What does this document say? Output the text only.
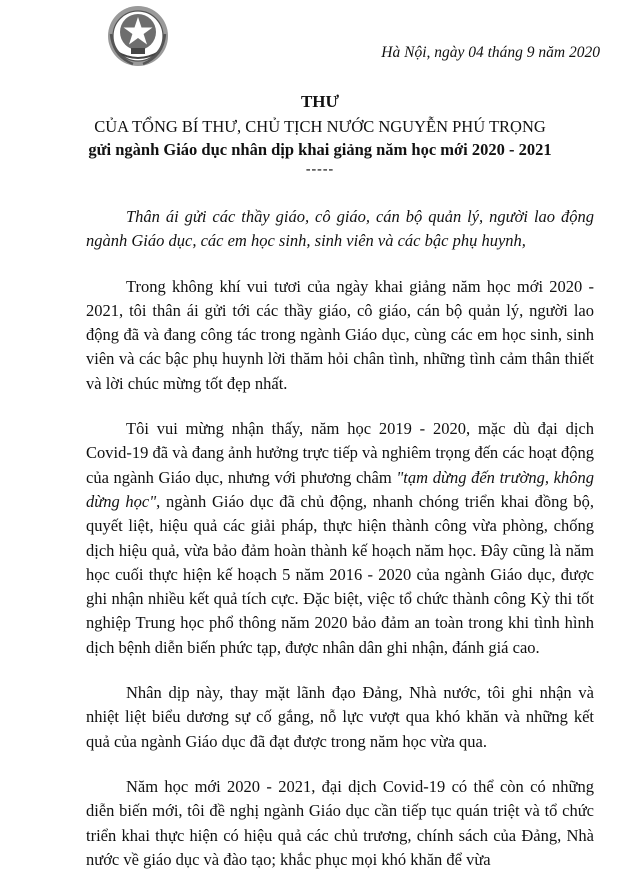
Hà Nội, ngày 04 tháng 9 năm 2020
THƯ
CỦA TỔNG BÍ THƯ, CHỦ TỊCH NƯỚC NGUYỄN PHÚ TRỌNG
gửi ngành Giáo dục nhân dịp khai giảng năm học mới 2020 - 2021
-----

Thân ái gửi các thầy giáo, cô giáo, cán bộ quản lý, người lao động ngành Giáo dục, các em học sinh, sinh viên và các bậc phụ huynh,

Trong không khí vui tươi của ngày khai giảng năm học mới 2020 - 2021, tôi thân ái gửi tới các thầy giáo, cô giáo, cán bộ quản lý, người lao động đã và đang công tác trong ngành Giáo dục, cùng các em học sinh, sinh viên và các bậc phụ huynh lời thăm hỏi chân tình, những tình cảm thân thiết và lời chúc mừng tốt đẹp nhất.

Tôi vui mừng nhận thấy, năm học 2019 - 2020, mặc dù đại dịch Covid-19 đã và đang ảnh hưởng trực tiếp và nghiêm trọng đến các hoạt động của ngành Giáo dục, nhưng với phương châm "tạm dừng đến trường, không dừng học", ngành Giáo dục đã chủ động, nhanh chóng triển khai đồng bộ, quyết liệt, hiệu quả các giải pháp, thực hiện thành công vừa phòng, chống dịch hiệu quả, vừa bảo đảm hoàn thành kế hoạch năm học. Đây cũng là năm học cuối thực hiện kế hoạch 5 năm 2016 - 2020 của ngành Giáo dục, được ghi nhận nhiều kết quả tích cực. Đặc biệt, việc tổ chức thành công Kỳ thi tốt nghiệp Trung học phổ thông năm 2020 bảo đảm an toàn trong khi tình hình dịch bệnh diễn biến phức tạp, được nhân dân ghi nhận, đánh giá cao.

Nhân dịp này, thay mặt lãnh đạo Đảng, Nhà nước, tôi ghi nhận và nhiệt liệt biểu dương sự cố gắng, nỗ lực vượt qua khó khăn và những kết quả của ngành Giáo dục đã đạt được trong năm học vừa qua.

Năm học mới 2020 - 2021, đại dịch Covid-19 có thể còn có những diễn biến mới, tôi đề nghị ngành Giáo dục cần tiếp tục quán triệt và tổ chức triển khai thực hiện có hiệu quả các chủ trương, chính sách của Đảng, Nhà nước về giáo dục và đào tạo; khắc phục mọi khó khăn để vừa
